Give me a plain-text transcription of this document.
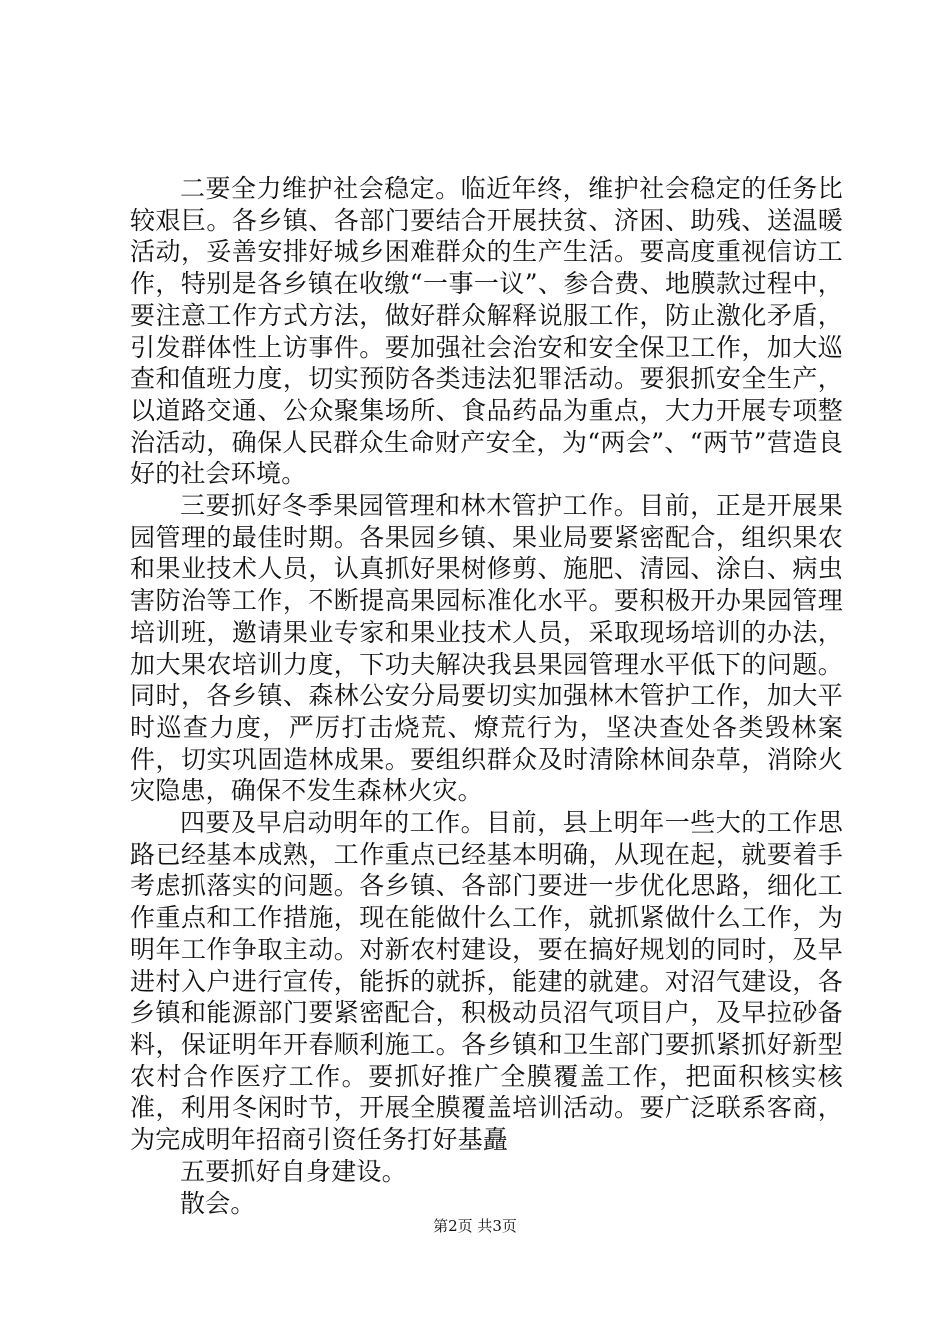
二要全力维护社会稳定。临近年终，维护社会稳定的任务比较艰巨。各乡镇、各部门要结合开展扶贫、济困、助残、送温暖活动，妥善安排好城乡困难群众的生产生活。要高度重视信访工作，特别是各乡镇在收缴“一事一议”、参合费、地膜款过程中，要注意工作方式方法，做好群众解释说服工作，防止激化矛盾，引发群体性上访事件。要加强社会治安和安全保卫工作，加大巡查和值班力度，切实预防各类违法犯罪活动。要狠抓安全生产，以道路交通、公众聚集场所、食品药品为重点，大力开展专项整治活动，确保人民群众生命财产安全，为“两会”、“两节”营造良好的社会环境。

三要抓好冬季果园管理和林木管护工作。目前，正是开展果园管理的最佳时期。各果园乡镇、果业局要紧密配合，组织果农和果业技术人员，认真抓好果树修剪、施肥、清园、涂白、病虫害防治等工作，不断提高果园标准化水平。要积极开办果园管理培训班，邀请果业专家和果业技术人员，采取现场培训的办法，加大果农培训力度，下功夫解决我县果园管理水平低下的问题。同时，各乡镇、森林公安分局要切实加强林木管护工作，加大平时巡查力度，严厉打击烧荒、燎荒行为，坚决查处各类毁林案件，切实巩固造林成果。要组织群众及时清除林间杂草，消除火灾隐患，确保不发生森林火灾。

四要及早启动明年的工作。目前，县上明年一些大的工作思路已经基本成熟，工作重点已经基本明确，从现在起，就要着手考虑抓落实的问题。各乡镇、各部门要进一步优化思路，细化工作重点和工作措施，现在能做什么工作，就抓紧做什么工作，为明年工作争取主动。对新农村建设，要在搞好规划的同时，及早进村入户进行宣传，能拆的就拆，能建的就建。对沼气建设，各乡镇和能源部门要紧密配合，积极动员沼气项目户，及早拉砂备料，保证明年开春顺利施工。各乡镇和卫生部门要抓紧抓好新型农村合作医疗工作。要抓好推广全膜覆盖工作，把面积核实核准，利用冬闲时节，开展全膜覆盖培训活动。要广泛联系客商，为完成明年招商引资任务打好基矗

五要抓好自身建设。

散会。

第2页 共3页
